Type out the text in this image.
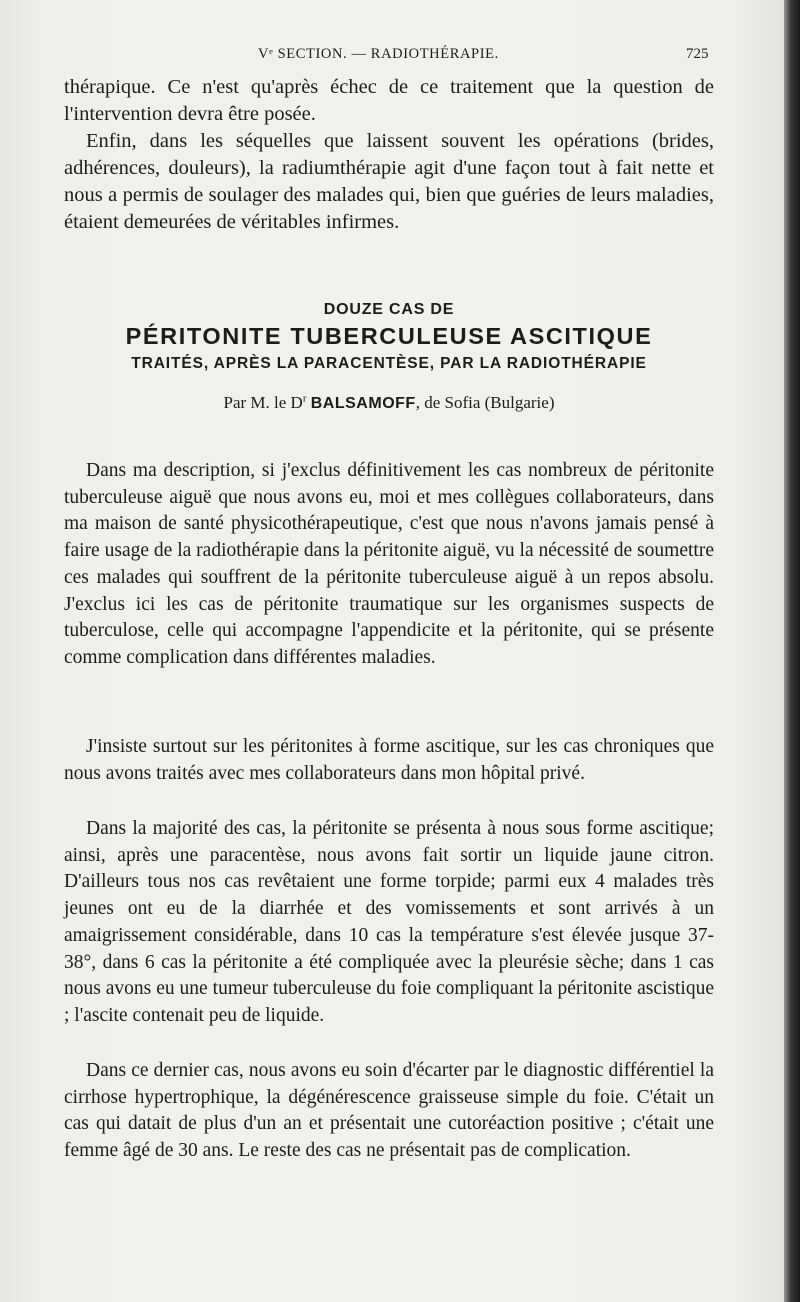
Vᵉ SECTION. — RADIOTHÉRAPIE.	725

thérapique. Ce n'est qu'après échec de ce traitement que la question de l'intervention devra être posée.

Enfin, dans les séquelles que laissent souvent les opérations (brides, adhérences, douleurs), la radiumthérapie agit d'une façon tout à fait nette et nous a permis de soulager des malades qui, bien que guéries de leurs maladies, étaient demeurées de véritables infirmes.

DOUZE CAS DE
PÉRITONITE TUBERCULEUSE ASCITIQUE
TRAITÉS, APRÈS LA PARACENTÈSE, PAR LA RADIOTHÉRAPIE
Par M. le $D^r$ BALSAMOFF, de Sofia (Bulgarie)

Dans ma description, si j'exclus définitivement les cas nombreux de péritonite tuberculeuse aiguë que nous avons eu, moi et mes collègues collaborateurs, dans ma maison de santé physicothérapeutique, c'est que nous n'avons jamais pensé à faire usage de la radiothérapie dans la péritonite aiguë, vu la nécessité de soumettre ces malades qui souffrent de la péritonite tuberculeuse aiguë à un repos absolu. J'exclus ici les cas de péritonite traumatique sur les organismes suspects de tuberculose, celle qui accompagne l'appendicite et la péritonite, qui se présente comme complication dans différentes maladies.

J'insiste surtout sur les péritonites à forme ascitique, sur les cas chroniques que nous avons traités avec mes collaborateurs dans mon hôpital privé.

Dans la majorité des cas, la péritonite se présenta à nous sous forme ascitique; ainsi, après une paracentèse, nous avons fait sortir un liquide jaune citron. D'ailleurs tous nos cas revêtaient une forme torpide; parmi eux 4 malades très jeunes ont eu de la diarrhée et des vomissements et sont arrivés à un amaigrissement considérable, dans 10 cas la température s'est élevée jusque 37-38°, dans 6 cas la péritonite a été compliquée avec la pleurésie sèche; dans 1 cas nous avons eu une tumeur tuberculeuse du foie compliquant la péritonite ascistique ; l'ascite contenait peu de liquide.

Dans ce dernier cas, nous avons eu soin d'écarter par le diagnostic différentiel la cirrhose hypertrophique, la dégénérescence graisseuse simple du foie. C'était un cas qui datait de plus d'un an et présentait une cutoréaction positive ; c'était une femme âgé de 30 ans. Le reste des cas ne présentait pas de complication.
